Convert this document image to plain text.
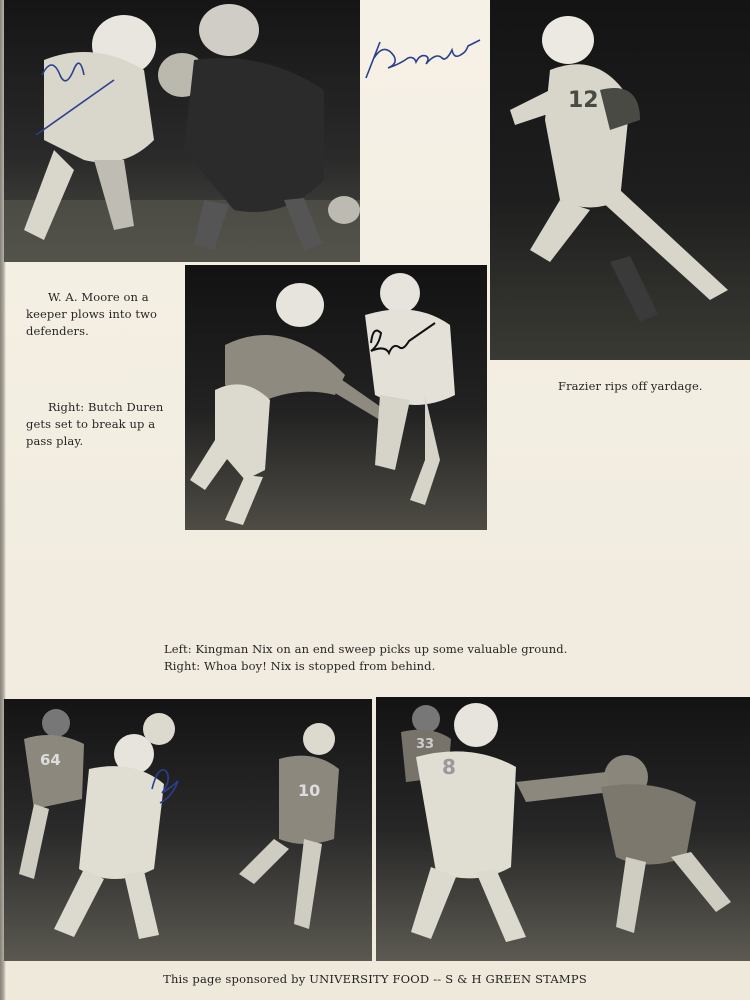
12
W. A. Moore on a keeper plows into two defenders.
Right: Butch Duren gets set to break up a pass play.
Frazier rips off yardage.
Left: Kingman Nix on an end sweep picks up some valuable ground.
Right: Whoa boy! Nix is stopped from behind.
64
10
33
8
This page sponsored by UNIVERSITY FOOD -- S & H GREEN STAMPS
